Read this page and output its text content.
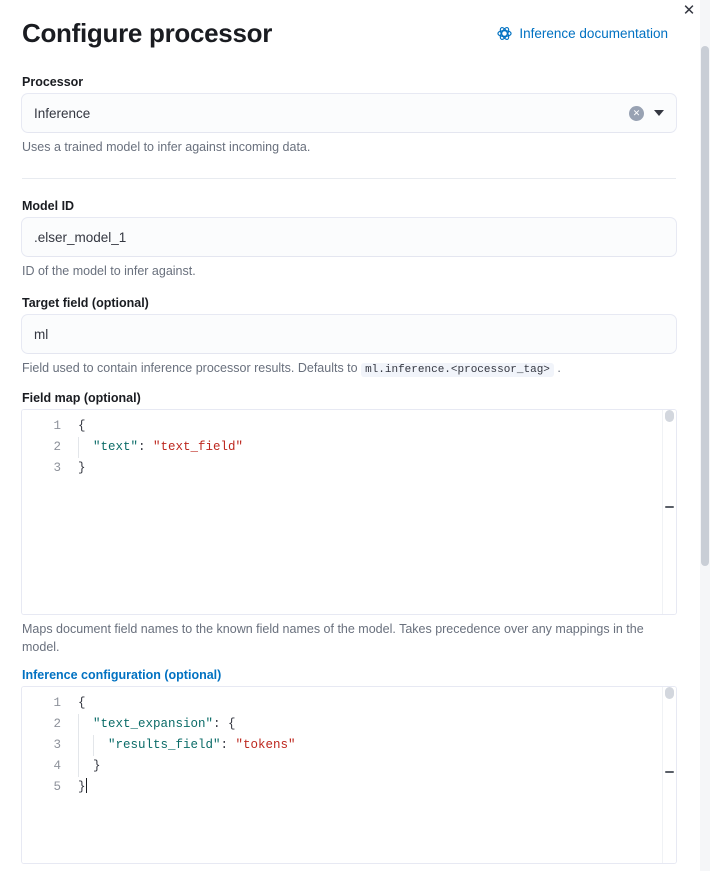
✕
Configure processor	Inference documentation
Processor
Inference	✕
Uses a trained model to infer against incoming data.
Model ID
.elser_model_1
ID of the model to infer against.
Target field (optional)
ml
Field used to contain inference processor results. Defaults to ml.inference.<processor_tag> .
Field map (optional)
1
2
3
{
"text": "text_field"
}
Maps document field names to the known field names of the model. Takes precedence over any mappings in the model.
Inference configuration (optional)
1
2
3
4
5
{
"text_expansion": {
"results_field": "tokens"
}
}
